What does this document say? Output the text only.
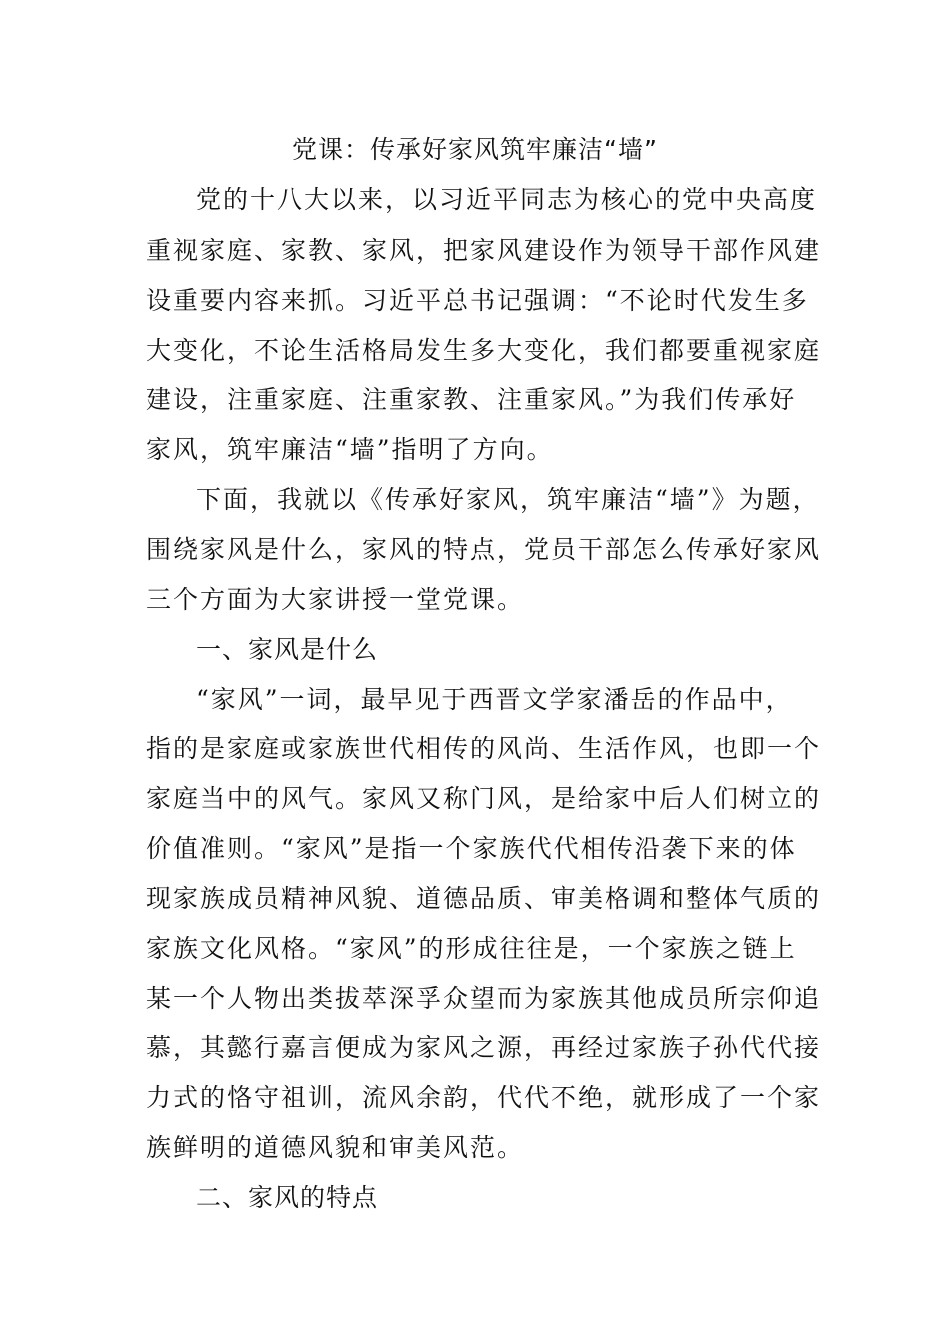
党课：传承好家风筑牢廉洁“墙”
党的十八大以来，以习近平同志为核心的党中央高度
重视家庭、家教、家风，把家风建设作为领导干部作风建
设重要内容来抓。习近平总书记强调：“不论时代发生多
大变化，不论生活格局发生多大变化，我们都要重视家庭
建设，注重家庭、注重家教、注重家风。”为我们传承好
家风，筑牢廉洁“墙”指明了方向。
下面，我就以《传承好家风，筑牢廉洁“墙”》为题，
围绕家风是什么，家风的特点，党员干部怎么传承好家风
三个方面为大家讲授一堂党课。
一、家风是什么
“家风”一词，最早见于西晋文学家潘岳的作品中，
指的是家庭或家族世代相传的风尚、生活作风，也即一个
家庭当中的风气。家风又称门风，是给家中后人们树立的
价值准则。“家风”是指一个家族代代相传沿袭下来的体
现家族成员精神风貌、道德品质、审美格调和整体气质的
家族文化风格。“家风”的形成往往是，一个家族之链上
某一个人物出类拔萃深孚众望而为家族其他成员所宗仰追
慕，其懿行嘉言便成为家风之源，再经过家族子孙代代接
力式的恪守祖训，流风余韵，代代不绝，就形成了一个家
族鲜明的道德风貌和审美风范。
二、家风的特点
